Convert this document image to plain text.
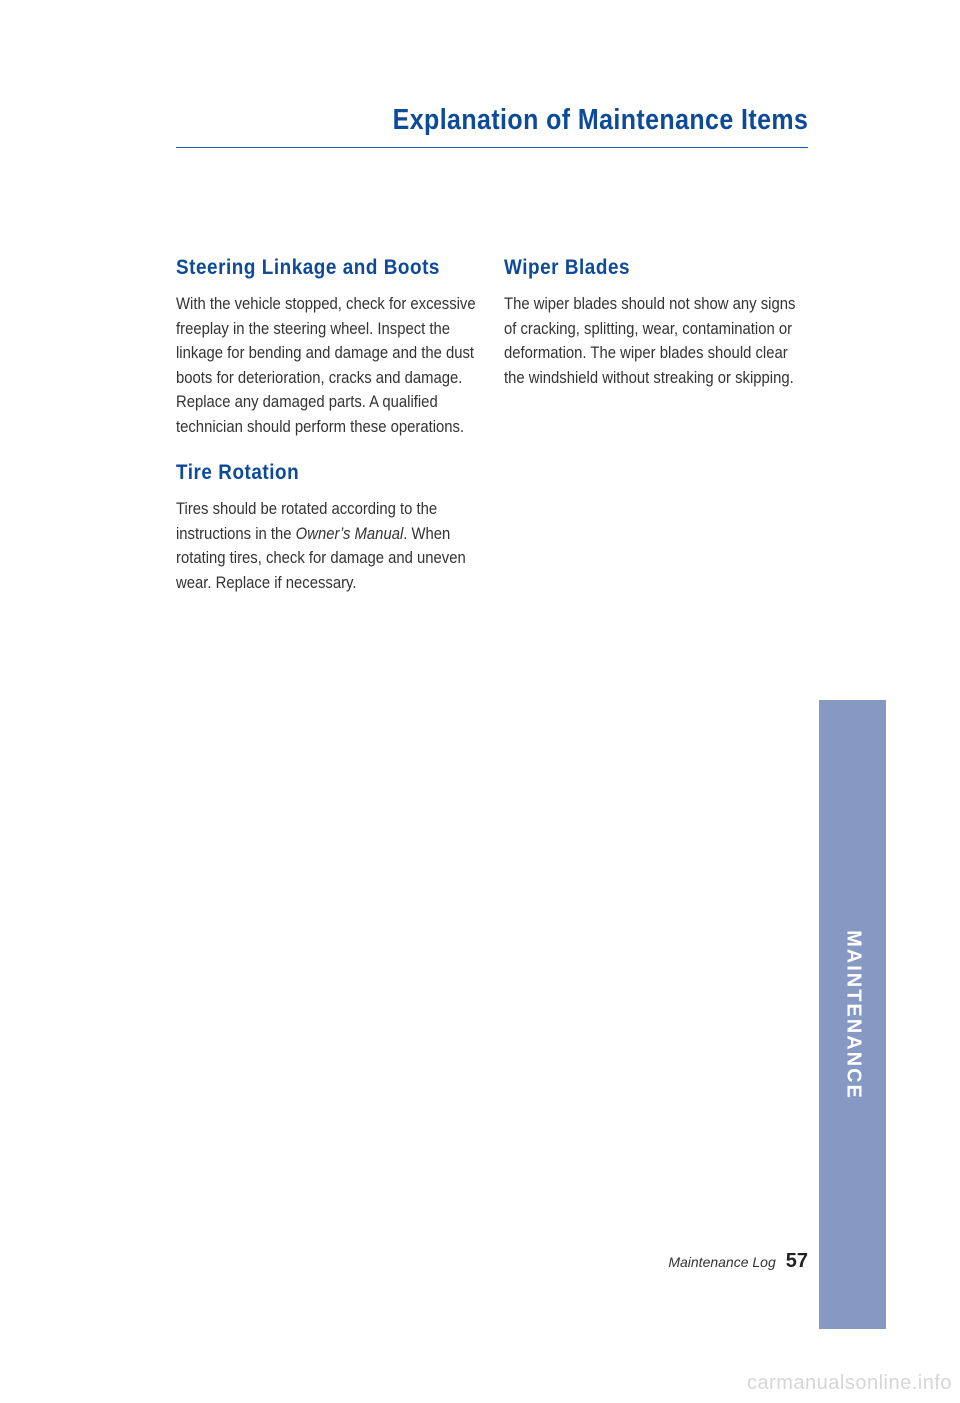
Explanation of Maintenance Items
Steering Linkage and Boots

With the vehicle stopped, check for excessive freeplay in the steering wheel. Inspect the linkage for bending and damage and the dust boots for deterioration, cracks and damage. Replace any damaged parts. A qualified technician should perform these operations.

Tire Rotation

Tires should be rotated according to the instructions in the Owner’s Manual. When rotating tires, check for damage and uneven wear. Replace if necessary.

Wiper Blades

The wiper blades should not show any signs of cracking, splitting, wear, contamination or deformation. The wiper blades should clear the windshield without streaking or skipping.

MAINTENANCE
Maintenance Log 57
carmanualsonline.info
